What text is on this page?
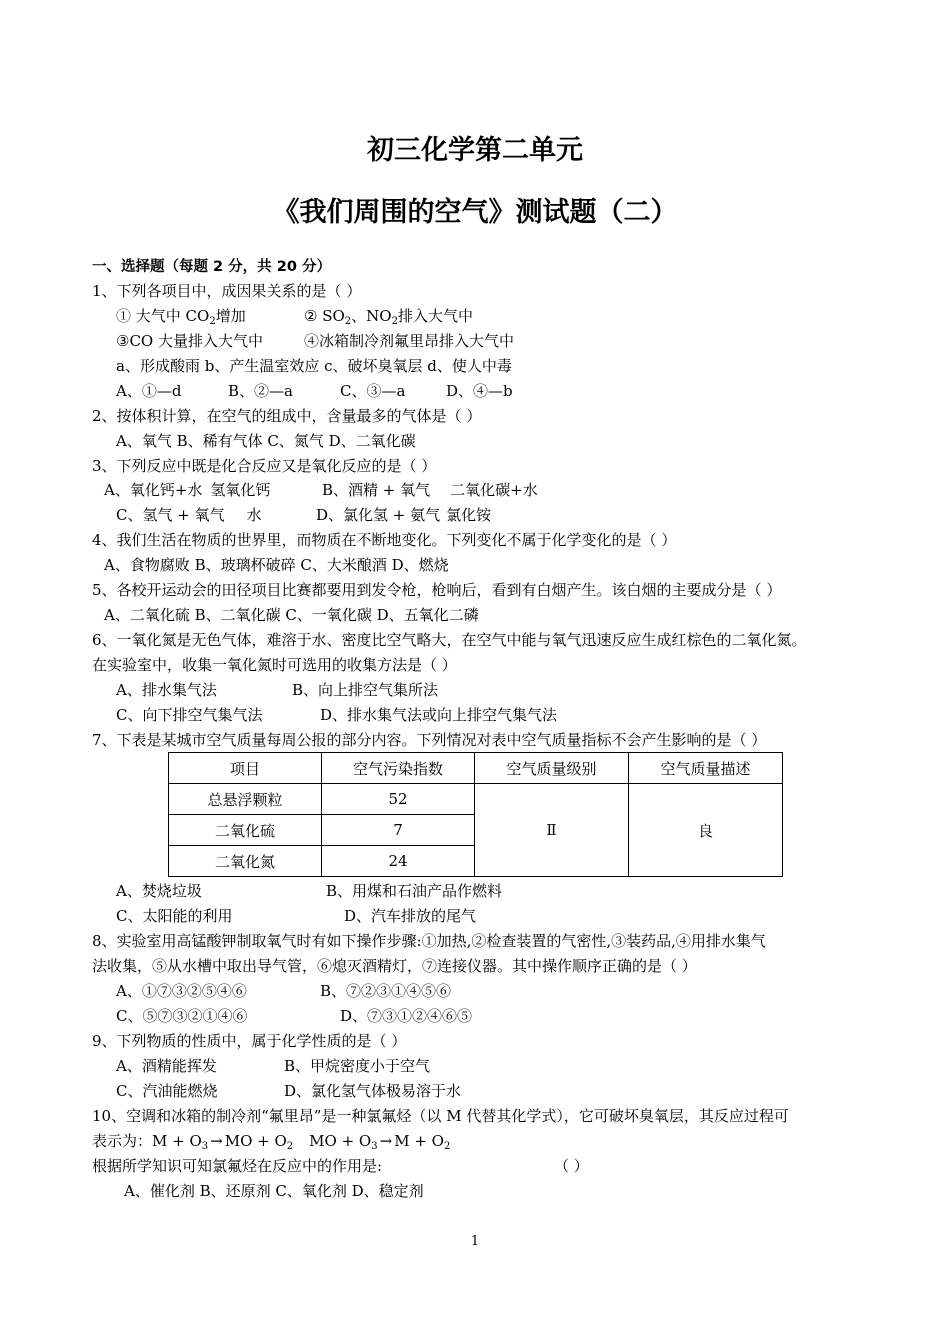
初三化学第二单元
《我们周围的空气》测试题（二）
一、选择题（每题 2 分，共 20 分）
1、下列各项目中，成因果关系的是（ ）
① 大气中 $CO_2$增加	② $SO_2$、$NO_2$排入大气中
③CO 大量排入大气中	④冰箱制冷剂氟里昂排入大气中
a、形成酸雨 b、产生温室效应 c、破坏臭氧层 d、使人中毒
A、①—d	B、②—a	C、③—a	D、④—b
2、按体积计算，在空气的组成中，含量最多的气体是（ ）
A、氧气 B、稀有气体 C、氮气 D、二氧化碳
3、下列反应中既是化合反应又是氧化反应的是（ ）
A、氧化钙+水 氢氧化钙	B、酒精 + 氧气 二氧化碳+水
C、氢气 + 氧气 水	D、氯化氢 + 氨气 氯化铵
4、我们生活在物质的世界里，而物质在不断地变化。下列变化不属于化学变化的是（ ）
A、食物腐败 B、玻璃杯破碎 C、大米酿酒 D、燃烧
5、各校开运动会的田径项目比赛都要用到发令枪，枪响后，看到有白烟产生。该白烟的主要成分是（ ）
A、二氧化硫 B、二氧化碳 C、一氧化碳 D、五氧化二磷
6、一氧化氮是无色气体，难溶于水、密度比空气略大，在空气中能与氧气迅速反应生成红棕色的二氧化氮。
在实验室中，收集一氧化氮时可选用的收集方法是（ ）
A、排水集气法	B、向上排空气集所法
C、向下排空气集气法	D、排水集气法或向上排空气集气法
7、下表是某城市空气质量每周公报的部分内容。下列情况对表中空气质量指标不会产生影响的是（ ）
项目	空气污染指数	空气质量级别	空气质量描述
总悬浮颗粒	52	Ⅱ	良
二氧化硫	7		
二氧化氮	24		
A、焚烧垃圾	B、用煤和石油产品作燃料
C、太阳能的利用	D、汽车排放的尾气
8、实验室用高锰酸钾制取氧气时有如下操作步骤:①加热,②检查装置的气密性,③装药品,④用排水集气
法收集，⑤从水槽中取出导气管，⑥熄灭酒精灯，⑦连接仪器。其中操作顺序正确的是（ ）
A、①⑦③②⑤④⑥	B、⑦②③①④⑤⑥
C、⑤⑦③②①④⑥	D、⑦③①②④⑥⑤
9、下列物质的性质中，属于化学性质的是（ ）
A、酒精能挥发	B、甲烷密度小于空气
C、汽油能燃烧	D、氯化氢气体极易溶于水
10、空调和冰箱的制冷剂“氟里昂”是一种氯氟烃（以 M 代替其化学式），它可破坏臭氧层，其反应过程可
表示为：$M + O_3$ → MO + $O_2$ MO + $O_3 \to M + O_2$
根据所学知识可知氯氟烃在反应中的作用是:	（ ）
A、催化剂 B、还原剂 C、氧化剂 D、稳定剂
1
